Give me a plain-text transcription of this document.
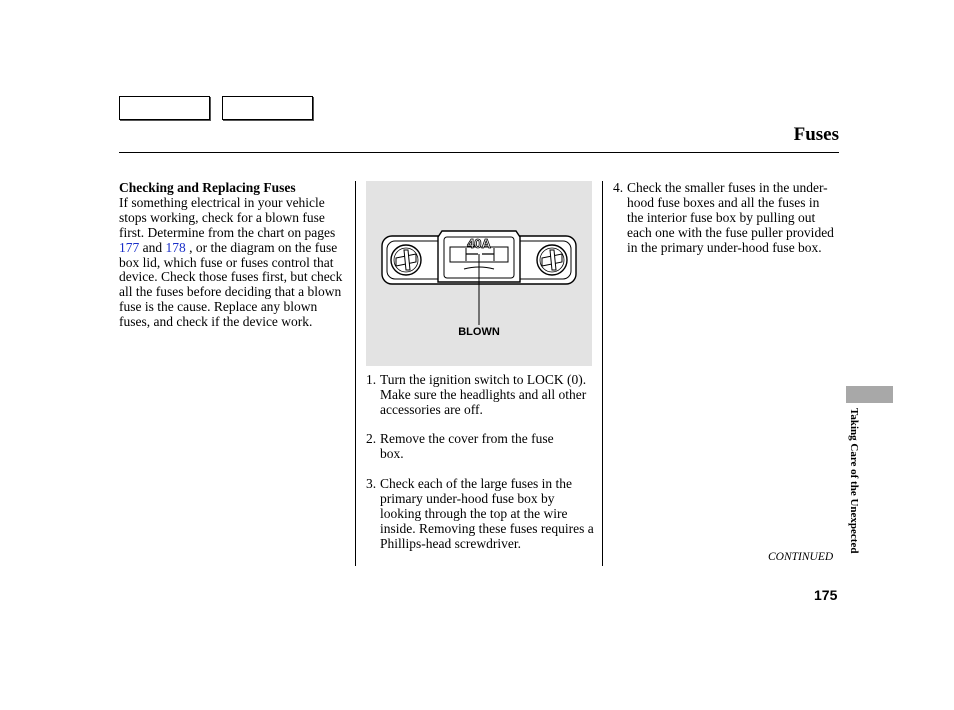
Fuses
Checking and Replacing Fuses
If something electrical in your vehicle stops working, check for a blown fuse first. Determine from the chart on pages 177 and 178 , or the diagram on the fuse box lid, which fuse or fuses control that device. Check those fuses first, but check all the fuses before deciding that a blown fuse is the cause. Replace any blown fuses, and check if the device work.
40A
BLOWN
1. Turn the ignition switch to LOCK (0). Make sure the headlights and all other accessories are off.
2. Remove the cover from the fuse box.
3. Check each of the large fuses in the primary under-hood fuse box by looking through the top at the wire inside. Removing these fuses requires a Phillips-head screwdriver.
4. Check the smaller fuses in the under-hood fuse boxes and all the fuses in the interior fuse box by pulling out each one with the fuse puller provided in the primary under-hood fuse box.
Taking Care of the Unexpected
CONTINUED
175
